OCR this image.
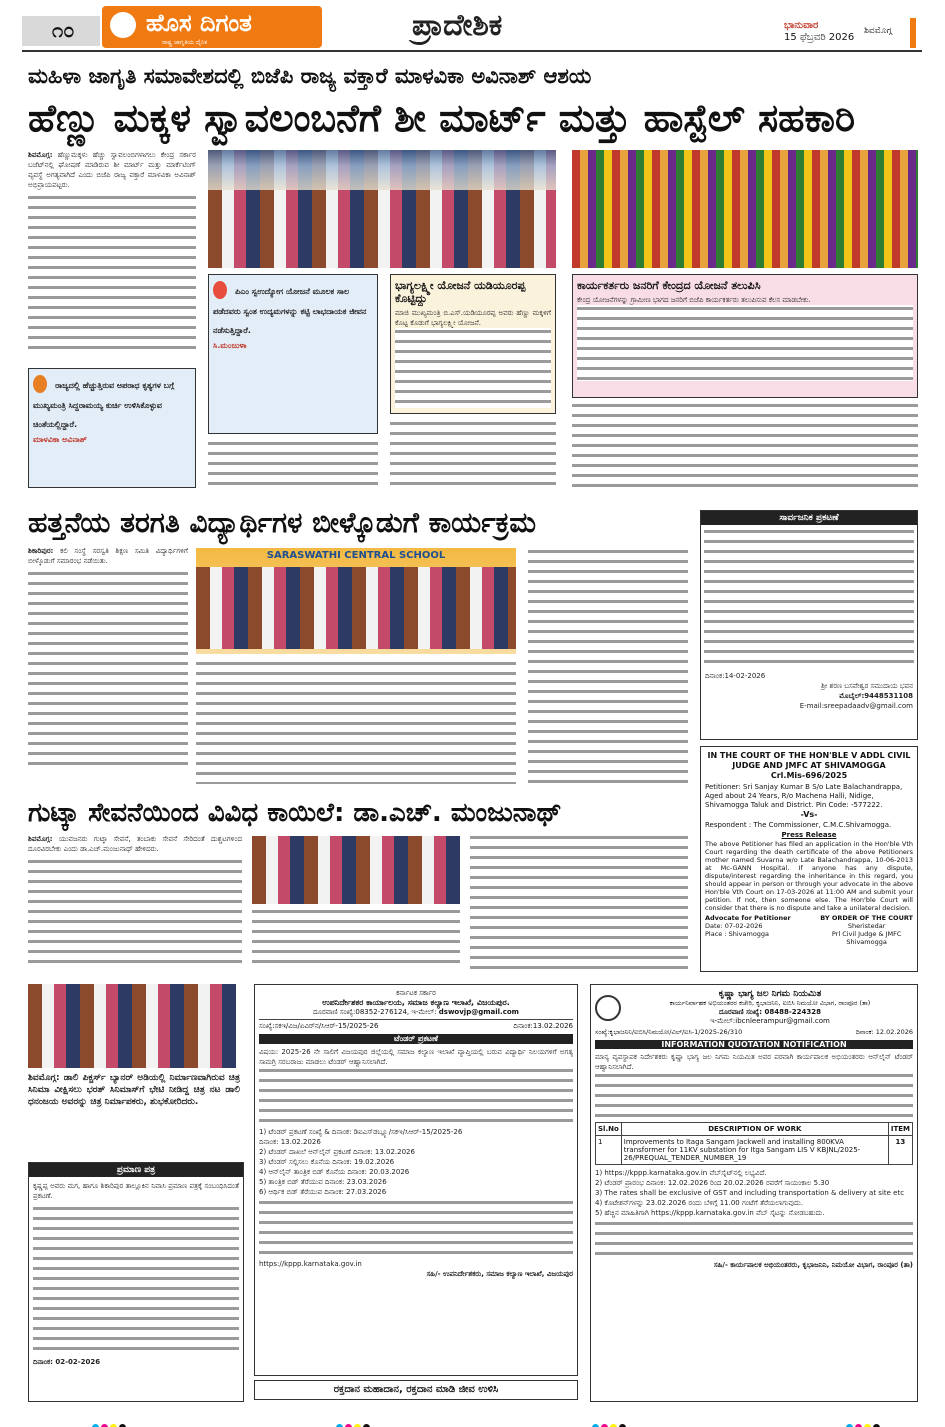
೧೦	ಹೊಸ ದಿಗಂತ
ರಾಷ್ಟ್ರ ಜಾಗೃತಿಯ ದೈನಿಕ	ಪ್ರಾದೇಶಿಕ	ಭಾನುವಾರ
15 ಫೆಬ್ರವರಿ 2026
ಶಿವಮೊಗ್ಗ
ಮಹಿಳಾ ಜಾಗೃತಿ ಸಮಾವೇಶದಲ್ಲಿ ಬಿಜೆಪಿ ರಾಜ್ಯ ವಕ್ತಾರೆ ಮಾಳವಿಕಾ ಅವಿನಾಶ್ ಆಶಯ
ಹೆಣ್ಣು ಮಕ್ಕಳ ಸ್ವಾವಲಂಬನೆಗೆ ಶೀ ಮಾರ್ಟ್ ಮತ್ತು ಹಾಸ್ಟೆಲ್ ಸಹಕಾರಿ
ಶಿವಮೊಗ್ಗ: ಹೆಣ್ಣುಮಕ್ಕಳು ಹೆಚ್ಚು ಸ್ವಾವಲಂಬಿಗಳಾಗಲು ಕೇಂದ್ರ ಸರ್ಕಾರ ಬಜೆಟ್‌ನಲ್ಲಿ ಘೋಷಣೆ ಮಾಡಿರುವ ಶೀ ಮಾರ್ಟ್ ಮತ್ತು ಮಾರ್ಕೆಟಿಂಗ್ ವ್ಯವಸ್ಥೆ ಅಗತ್ಯವಾಗಿದೆ ಎಂದು ಬಿಜೆಪಿ ರಾಜ್ಯ ವಕ್ತಾರೆ ಮಾಳವಿಕಾ ಅವಿನಾಶ್ ಅಭಿಪ್ರಾಯಪಟ್ಟರು.
ರಾಜ್ಯದಲ್ಲಿ ಹೆಚ್ಚುತ್ತಿರುವ ಅಪರಾಧ ಕೃತ್ಯಗಳ ಬಗ್ಗೆ ಮುಖ್ಯಮಂತ್ರಿ ಸಿದ್ದರಾಮಯ್ಯ ಕುರ್ಚಿ ಉಳಿಸಿಕೊಳ್ಳುವ ಚಿಂತೆಯಲ್ಲಿದ್ದಾರೆ.
ಮಾಳವಿಕಾ ಅವಿನಾಶ್
ಪಿಎಂ ಸ್ವಉದ್ಯೋಗ ಯೋಜನೆ ಮೂಲಕ ಸಾಲ ಪಡೆದವರು ಸ್ವಂತ ಉದ್ಯಮಗಳನ್ನು ಕಟ್ಟಿ ಲಾಭದಾಯಕ ಜೀವನ ನಡೆಸುತ್ತಿದ್ದಾರೆ.
ಸಿ.ಮಂಜುಳಾ
ಭಾಗ್ಯಲಕ್ಷ್ಮೀ ಯೋಜನೆ ಯಡಿಯೂರಪ್ಪ ಕೊಟ್ಟಿದ್ದು
ಮಾಜಿ ಮುಖ್ಯಮಂತ್ರಿ ಬಿ.ಎಸ್.ಯಡಿಯೂರಪ್ಪ ಅವರು ಹೆಣ್ಣು ಮಕ್ಕಳಿಗೆ ಕೊಟ್ಟ ಕೊಡುಗೆ ಭಾಗ್ಯಲಕ್ಷ್ಮೀ ಯೋಜನೆ.
ಕಾರ್ಯಕರ್ತರು ಜನರಿಗೆ ಕೇಂದ್ರದ ಯೋಜನೆ ತಲುಪಿಸಿ
ಕೇಂದ್ರ ಯೋಜನೆಗಳನ್ನು ಗ್ರಾಮೀಣ ಭಾಗದ ಜನರಿಗೆ ಬಿಜೆಪಿ ಕಾರ್ಯಕರ್ತರು ತಲುಪಿಸುವ ಕೆಲಸ ಮಾಡಬೇಕು.
ಹತ್ತನೆಯ ತರಗತಿ ವಿದ್ಯಾರ್ಥಿಗಳ ಬೀಳ್ಕೊಡುಗೆ ಕಾರ್ಯಕ್ರಮ
ಶಿಕಾರಿಪುರ: ಕಲಿ ಸಂಸ್ಥೆ ಸರಸ್ವತಿ ಶಿಕ್ಷಣ ಸಮಿತಿ ವಿದ್ಯಾರ್ಥಿಗಳಿಗೆ ಬೀಳ್ಕೊಡುಗೆ ಸಮಾರಂಭ ನಡೆಯಿತು.	SARASWATHI CENTRAL SCHOOL
ಸಾರ್ವಜನಿಕ ಪ್ರಕಟಣೆ
ದಿನಾಂಕ:14-02-2026
ಶ್ರೀ ಶರಣ ಬಸವೇಶ್ವರ ಸಮುದಾಯ ಭವನ
ಮೊಬೈಲ್:9448531108
E-mail:sreepadaadv@gmail.com
IN THE COURT OF THE HON'BLE V ADDL CIVIL JUDGE AND JMFC AT SHIVAMOGGA
Crl.Mis-696/2025
Petitioner: Sri Sanjay Kumar B S/o Late Balachandrappa, Aged about 24 Years, R/o Machena Halli, Nidige, Shivamogga Taluk and District. Pin Code: -577222.
-Vs-
Respondent : The Commissioner, C.M.C.Shivamogga.
Press Release
The above Petitioner has filed an application in the Hon'ble Vth Court regarding the death certificate of the above Petitioners mother named Suvarna w/o Late Balachandrappa, 10-06-2013 at Mc-GANN Hospital. If anyone has any dispute, dispute/interest regarding the inheritance in this regard, you should appear in person or through your advocate in the above Hon'ble Vth Court on 17-03-2026 at 11:00 AM and submit your petition. If not, then someone else. The Hon'ble Court will consider that there is no dispute and take a unilateral decision.
Advocate for Petitioner
Date: 07-02-2026
Place : Shivamogga
BY ORDER OF THE COURT
Sheristedar
Prl Civil Judge & JMFC
Shivamogga
ಗುಟ್ಕಾ ಸೇವನೆಯಿಂದ ವಿವಿಧ ಕಾಯಿಲೆ: ಡಾ.ಎಚ್. ಮಂಜುನಾಥ್
ಶಿವಮೊಗ್ಗ: ಯುವಜನರು ಗುಟ್ಕಾ ಸೇವನೆ, ತಂಬಾಕು ಸೇವನೆ ಸೇರಿದಂತೆ ದುಶ್ಚಟಗಳಿಂದ ದೂರವಿರಬೇಕು ಎಂದು ಡಾ.ಎಚ್.ಮಂಜುನಾಥ್ ಹೇಳಿದರು.
ಶಿವಮೊಗ್ಗ: ಡಾಲಿ ಪಿಕ್ಚರ್ಸ್ ಬ್ಯಾನರ್ ಅಡಿಯಲ್ಲಿ ನಿರ್ಮಾಣವಾಗಿರುವ ಚಿತ್ರ ಸಿನಿಮಾ ವೀಕ್ಷಿಸಲು ಭರತ್ ಸಿನಿಮಾಸ್‌ಗೆ ಭೇಟಿ ನೀಡಿದ್ದ ಚಿತ್ರ ನಟ ಡಾಲಿ ಧನಂಜಯ ಅವರನ್ನು ಚಿತ್ರ ನಿರ್ಮಾಪಕರು, ಶುಭಕೋರಿದರು.
ಪ್ರಮಾಣ ಪತ್ರ
ಕೃಷ್ಣಪ್ಪ ಅವರು ಮಗ, ಹಾಗೂ ಶಿಕಾರಿಪುರ ತಾಲ್ಲೂಕಿನ ನಿವಾಸಿ ಪ್ರಮಾಣ ಪತ್ರಕ್ಕೆ ಸಂಬಂಧಿಸಿದಂತೆ ಪ್ರಕಟಣೆ.
ದಿನಾಂಕ: 02-02-2026
ಕರ್ನಾಟಕ ಸರ್ಕಾರ
ಉಪನಿರ್ದೇಶಕರ ಕಾರ್ಯಾಲಯ, ಸಮಾಜ ಕಲ್ಯಾಣ ಇಲಾಖೆ, ವಿಜಯಪುರ.
ದೂರವಾಣಿ ಸಂಖ್ಯೆ:08352-276124, ಇ-ಮೇಲ್: dswovjp@gmail.com
ಸಂಖ್ಯೆ:ಸಕಇ/ವಿಜ/ಏವಿರ್‌ನ/ಸಿಆರ್-15/2025-26	ದಿನಾಂಕ:13.02.2026
ಟೆಂಡರ್ ಪ್ರಕಟಣೆ
ವಿಷಯ: 2025-26 ನೇ ಸಾಲಿಗೆ ವಿಜಯಪುರ ಜಿಲ್ಲೆಯಲ್ಲಿ ಸಮಾಜ ಕಲ್ಯಾಣ ಇಲಾಖೆ ವ್ಯಾಪ್ತಿಯಲ್ಲಿ ಬರುವ ವಿದ್ಯಾರ್ಥಿ ನಿಲಯಗಳಿಗೆ ಅಗತ್ಯ ಸಾಮಗ್ರಿ ಸರಬರಾಜು ಮಾಡಲು ಟೆಂಡರ್ ಆಹ್ವಾನಿಸಲಾಗಿದೆ.
1) ಟೆಂಡರ್ ಪ್ರಕಟಣೆ ಸಂಖ್ಯೆ & ದಿನಾಂಕ: ಡಿಐಎಸ್‌ಡಬ್ಲ್ಯೂ/ಸಕಇ/ಸಿಆರ್-15/2025-26
ದಿನಾಂಕ: 13.02.2026
2) ಟೆಂಡರ್ ದಾಖಲೆ ಆನ್‌ಲೈನ್ ಪ್ರಕಟಣೆ ದಿನಾಂಕ: 13.02.2026
3) ಟೆಂಡರ್ ಸಲ್ಲಿಸಲು ಕೊನೆಯ ದಿನಾಂಕ: 19.02.2026
4) ಆನ್‌ಲೈನ್ ತಾಂತ್ರಿಕ ಬಿಡ್ ಕೊನೆಯ ದಿನಾಂಕ: 20.03.2026
5) ತಾಂತ್ರಿಕ ಬಿಡ್ ತೆರೆಯುವ ದಿನಾಂಕ: 23.03.2026
6) ಆರ್ಥಿಕ ಬಿಡ್ ತೆರೆಯುವ ದಿನಾಂಕ: 27.03.2026
https://kppp.karnataka.gov.in
ಸಹಿ/- ಉಪನಿರ್ದೇಶಕರು, ಸಮಾಜ ಕಲ್ಯಾಣ ಇಲಾಖೆ, ವಿಜಯಪುರ
ರಕ್ತದಾನ ಮಹಾದಾನ, ರಕ್ತದಾನ ಮಾಡಿ ಜೀವ ಉಳಿಸಿ
ಕೃಷ್ಣಾ ಭಾಗ್ಯ ಜಲ ನಿಗಮ ನಿಯಮಿತ
ಕಾರ್ಯನಿರ್ವಾಹಕ ಅಭಿಯಂತರರ ಕಚೇರಿ, ಕೃಭಾಜನಿನಿ, ಐಬಿಸಿ ನಿಮಯೋ ವಿಭಾಗ, ರಾಂಪೂರ (ತಾ)
ದೂರವಾಣಿ ಸಂಖ್ಯೆ: 08488-224328
ಇ-ಮೇಲ್:ibcnleerampur@gmail.com
ಸಂಖ್ಯೆ:ಕೃಭಾಜನಿನಿ/ಐಬಿಸಿ/ನಿಮಯೋ/ವಿಲ್/ಐಸಿ-1/2025-26/310	ದಿನಾಂಕ: 12.02.2026
INFORMATION QUOTATION NOTIFICATION
ಮಾನ್ಯ ವ್ಯವಸ್ಥಾಪಕ ನಿರ್ದೇಶಕರು ಕೃಷ್ಣಾ ಭಾಗ್ಯ ಜಲ ನಿಗಮ ನಿಯಮಿತ ಅವರ ಪರವಾಗಿ ಕಾರ್ಯಪಾಲಕ ಅಭಿಯಂತರರು ಆನ್‌ಲೈನ್ ಟೆಂಡರ್ ಆಹ್ವಾನಿಸಲಾಗಿದೆ.
Sl.No	DESCRIPTION OF WORK	ITEM
1	Improvements to Itaga Sangam Jackwell and installing 800KVA transformer for 11KV substation for Itga Sangam LIS V KBJNL/2025-26/PREQUAL_TENDER_NUMBER_19	13
1) https://kppp.karnataka.gov.in ವೆಬ್‌ಸೈಟ್‌ನಲ್ಲಿ ಲಭ್ಯವಿದೆ.
2) ಟೆಂಡರ್ ಪ್ರಾರಂಭ ದಿನಾಂಕ: 12.02.2026 ರಿಂದ 20.02.2026 ರವರೆಗೆ ಸಾಯಂಕಾಲ 5.30
3) The rates shall be exclusive of GST and including transportation & delivery at site etc
4) ಕೊಟೇಶನ್‌ಗಳನ್ನು 23.02.2026 ರಂದು ಬೆಳಿಗ್ಗೆ 11.00 ಗಂಟೆಗೆ ತೆರೆಯಲಾಗುವುದು.
5) ಹೆಚ್ಚಿನ ಮಾಹಿತಿಗಾಗಿ https://kppp.karnataka.gov.in ವೆಬ್ ಸೈಟನ್ನು ನೋಡಬಹುದು.
ಸಹಿ/- ಕಾರ್ಯಪಾಲಕ ಅಭಿಯಂತರರು, ಕೃಭಾಜನಿನಿ, ನಿಮಯೋ ವಿಭಾಗ, ರಾಂಪೂರ (ತಾ)
